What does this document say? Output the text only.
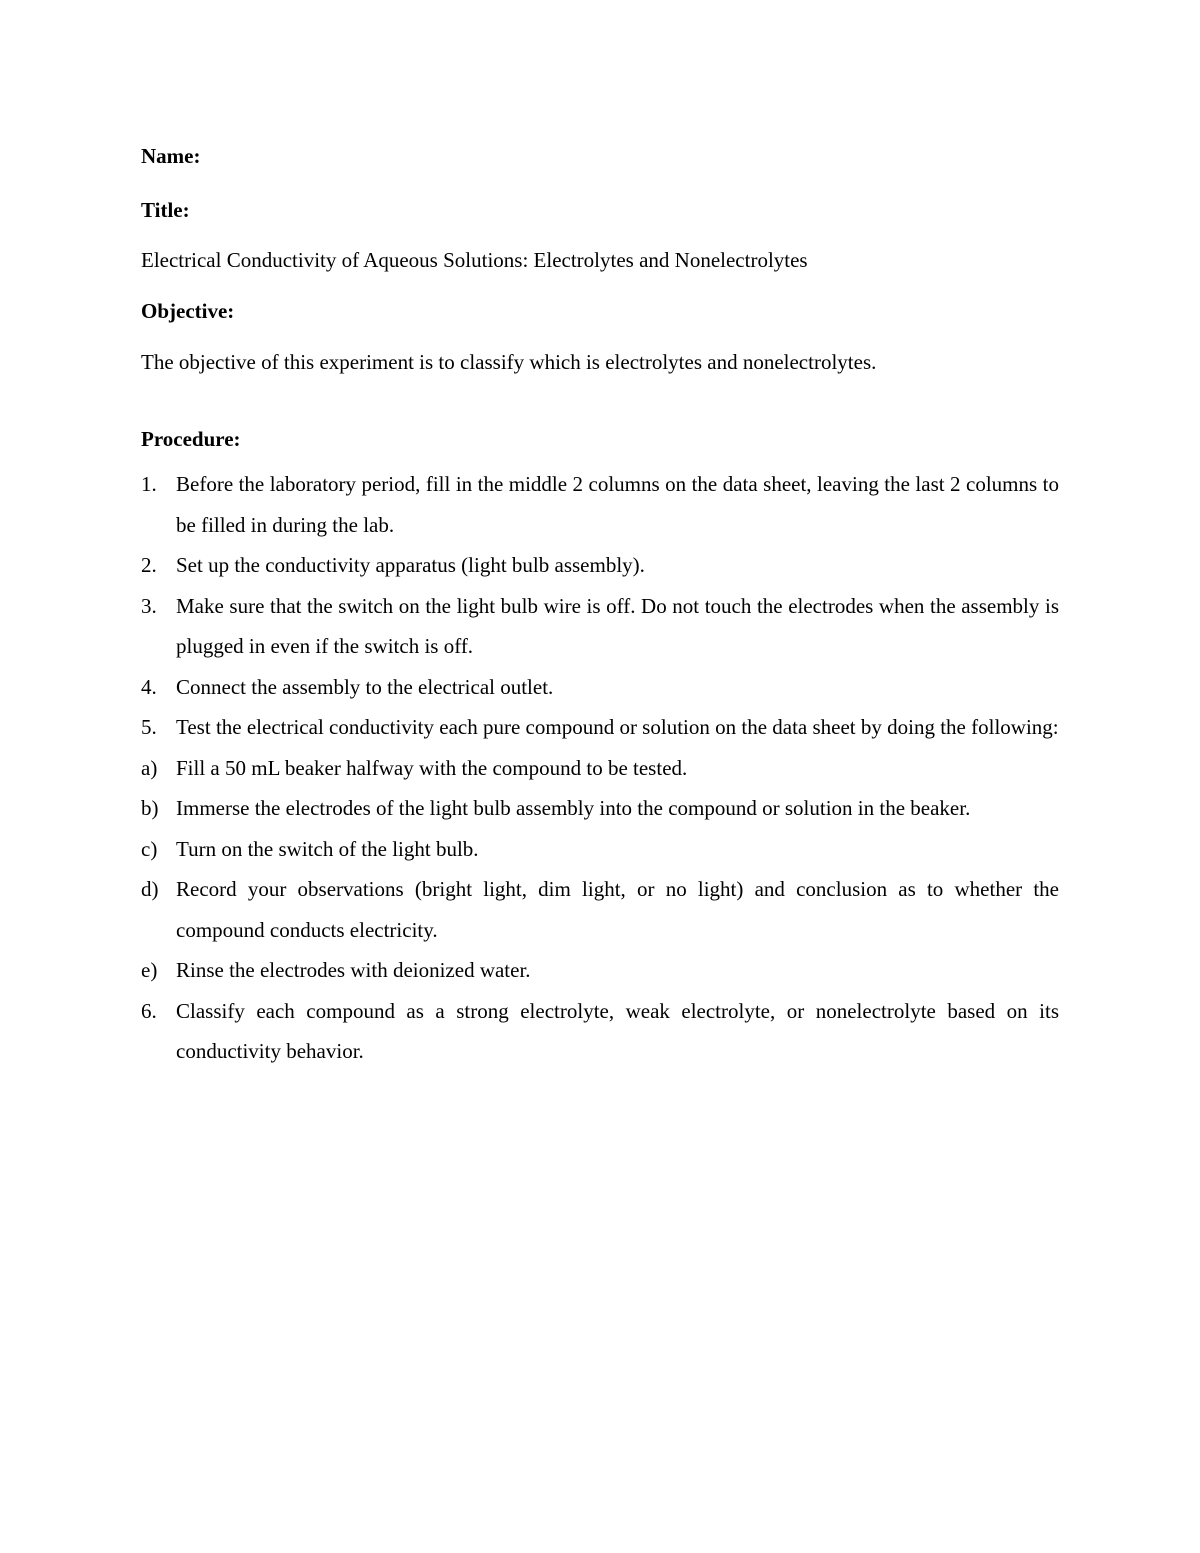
Name:

Title:

Electrical Conductivity of Aqueous Solutions: Electrolytes and Nonelectrolytes

Objective:

The objective of this experiment is to classify which is electrolytes and nonelectrolytes.

Procedure:

1. Before the laboratory period, fill in the middle 2 columns on the data sheet, leaving the last 2 columns to be filled in during the lab.
2. Set up the conductivity apparatus (light bulb assembly).
3. Make sure that the switch on the light bulb wire is off. Do not touch the electrodes when the assembly is plugged in even if the switch is off.
4. Connect the assembly to the electrical outlet.
5. Test the electrical conductivity each pure compound or solution on the data sheet by doing the following:
a) Fill a 50 mL beaker halfway with the compound to be tested.
b) Immerse the electrodes of the light bulb assembly into the compound or solution in the beaker.
c) Turn on the switch of the light bulb.
d) Record your observations (bright light, dim light, or no light) and conclusion as to whether the compound conducts electricity.
e) Rinse the electrodes with deionized water.
6. Classify each compound as a strong electrolyte, weak electrolyte, or nonelectrolyte based on its conductivity behavior.
